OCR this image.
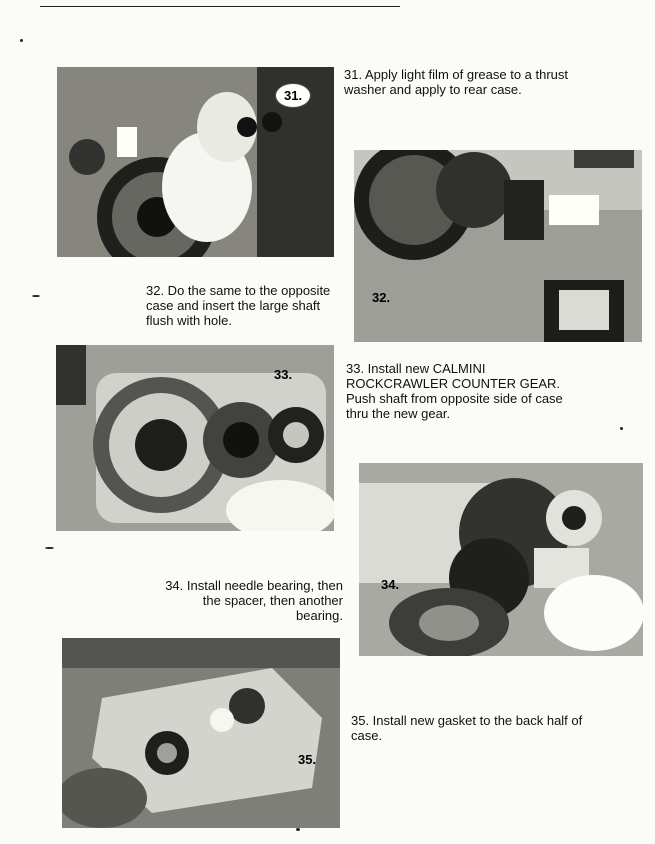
31.
31. Apply light film of grease to a thrust washer and apply to rear case.
32.
32. Do the same to the opposite case and insert the large shaft flush with hole.
33.	33. Install new CALMINI ROCKCRAWLER COUNTER GEAR. Push shaft from opposite side of case thru the new gear.
34.
34. Install needle bearing, then the spacer, then another bearing.
35.
35. Install new gasket to the back half of case.
